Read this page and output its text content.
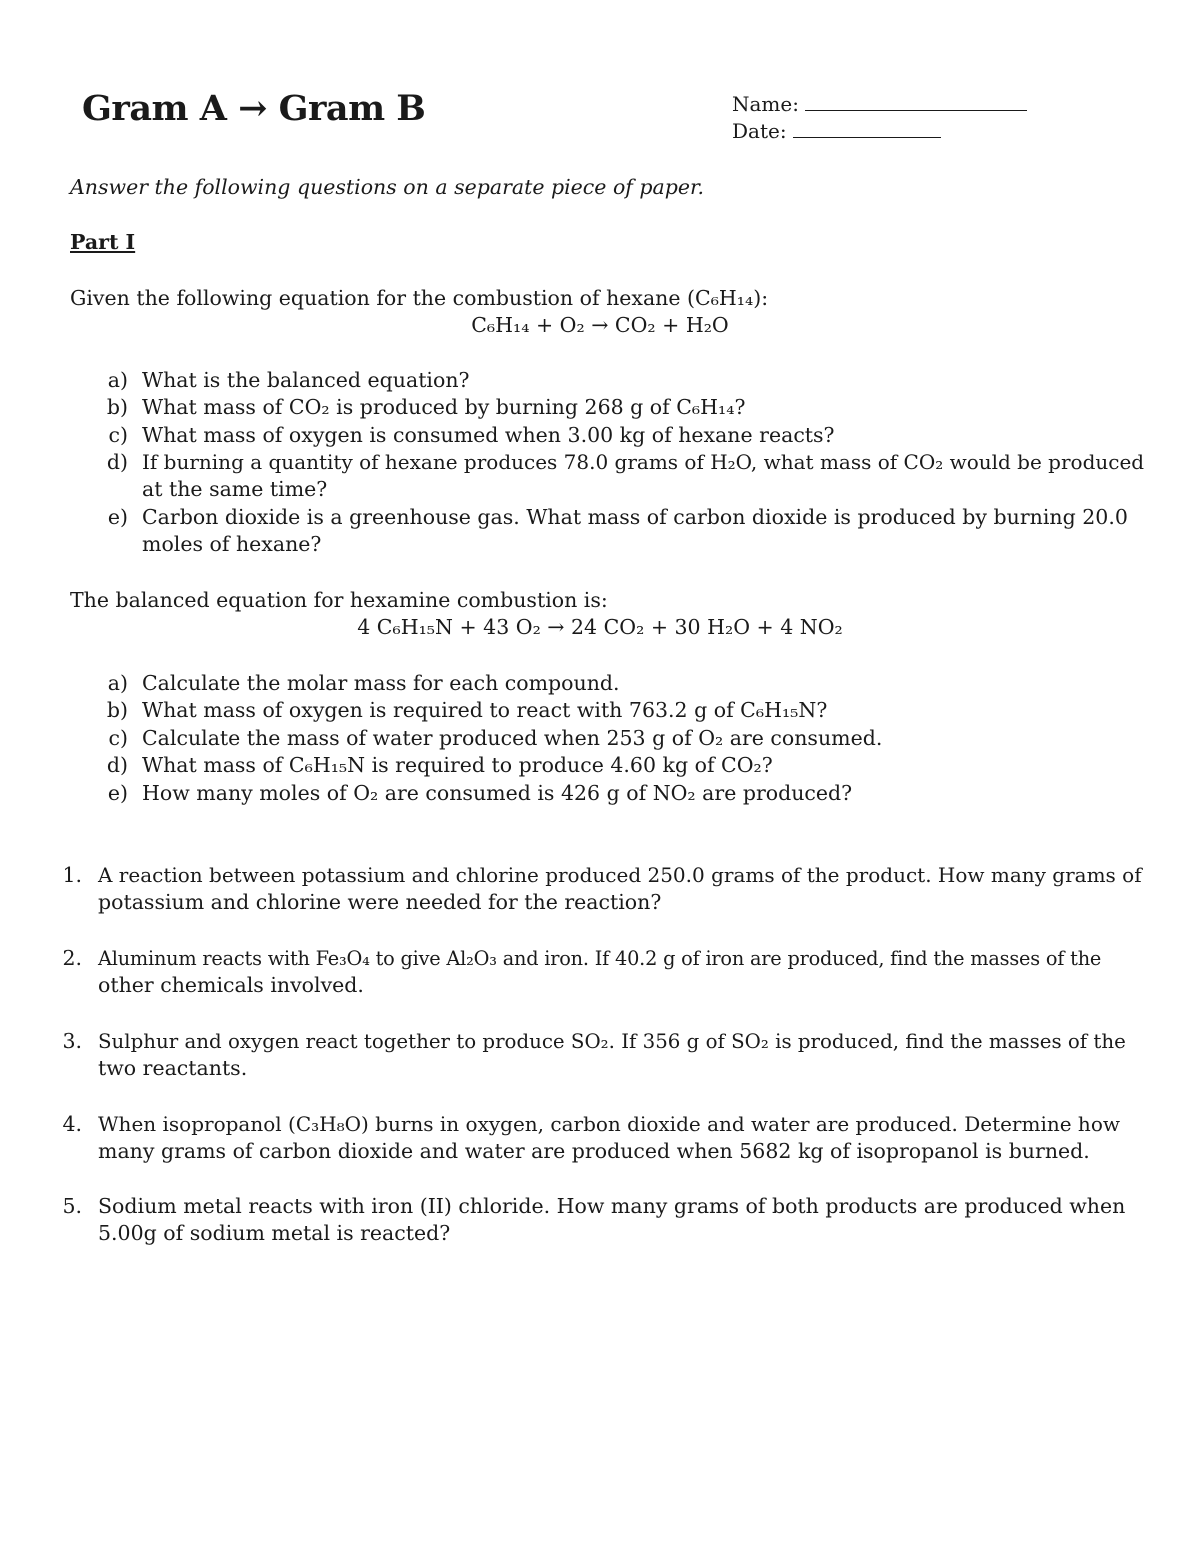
Gram A → Gram B	Name:
Date:
Answer the following questions on a separate piece of paper.
Part I
Given the following equation for the combustion of hexane (C₆H₁₄):
C₆H₁₄ + O₂ → CO₂ + H₂O
a) What is the balanced equation?
b) What mass of CO₂ is produced by burning 268 g of C₆H₁₄?
c) What mass of oxygen is consumed when 3.00 kg of hexane reacts?
d) If burning a quantity of hexane produces 78.0 grams of H₂O, what mass of CO₂ would be produced
at the same time?
e) Carbon dioxide is a greenhouse gas. What mass of carbon dioxide is produced by burning 20.0
moles of hexane?
The balanced equation for hexamine combustion is:
4 C₆H₁₅N + 43 O₂ → 24 CO₂ + 30 H₂O + 4 NO₂
a) Calculate the molar mass for each compound.
b) What mass of oxygen is required to react with 763.2 g of C₆H₁₅N?
c) Calculate the mass of water produced when 253 g of O₂ are consumed.
d) What mass of C₆H₁₅N is required to produce 4.60 kg of CO₂?
e) How many moles of O₂ are consumed is 426 g of NO₂ are produced?
1. A reaction between potassium and chlorine produced 250.0 grams of the product. How many grams of
potassium and chlorine were needed for the reaction?
2. Aluminum reacts with Fe₃O₄ to give Al₂O₃ and iron. If 40.2 g of iron are produced, find the masses of the
other chemicals involved.
3. Sulphur and oxygen react together to produce SO₂. If 356 g of SO₂ is produced, find the masses of the
two reactants.
4. When isopropanol (C₃H₈O) burns in oxygen, carbon dioxide and water are produced. Determine how
many grams of carbon dioxide and water are produced when 5682 kg of isopropanol is burned.
5. Sodium metal reacts with iron (II) chloride. How many grams of both products are produced when
5.00g of sodium metal is reacted?
